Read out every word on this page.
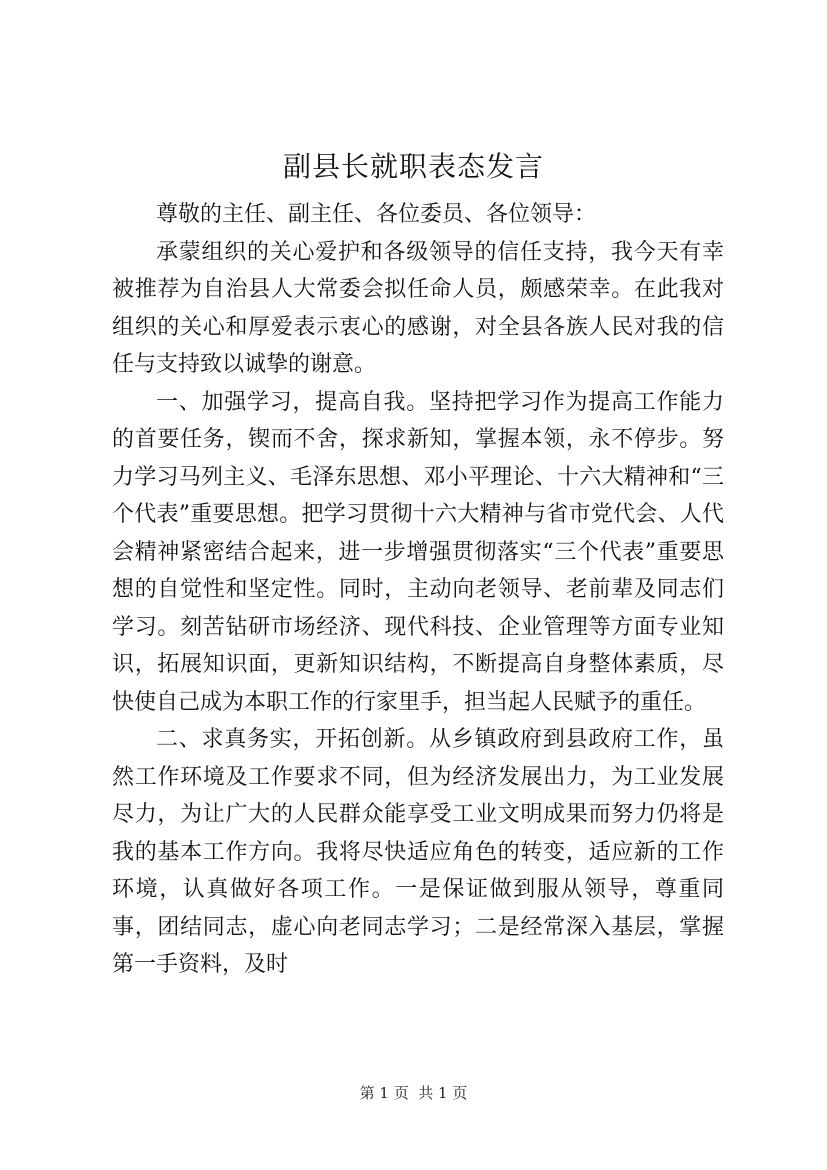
副县长就职表态发言

尊敬的主任、副主任、各位委员、各位领导：

承蒙组织的关心爱护和各级领导的信任支持，我今天有幸被推荐为自治县人大常委会拟任命人员，颇感荣幸。在此我对组织的关心和厚爱表示衷心的感谢，对全县各族人民对我的信任与支持致以诚挚的谢意。

一、加强学习，提高自我。坚持把学习作为提高工作能力的首要任务，锲而不舍，探求新知，掌握本领，永不停步。努力学习马列主义、毛泽东思想、邓小平理论、十六大精神和“三个代表”重要思想。把学习贯彻十六大精神与省市党代会、人代会精神紧密结合起来，进一步增强贯彻落实“三个代表”重要思想的自觉性和坚定性。同时，主动向老领导、老前辈及同志们学习。刻苦钻研市场经济、现代科技、企业管理等方面专业知识，拓展知识面，更新知识结构，不断提高自身整体素质，尽快使自己成为本职工作的行家里手，担当起人民赋予的重任。

二、求真务实，开拓创新。从乡镇政府到县政府工作，虽然工作环境及工作要求不同，但为经济发展出力，为工业发展尽力，为让广大的人民群众能享受工业文明成果而努力仍将是我的基本工作方向。我将尽快适应角色的转变，适应新的工作环境，认真做好各项工作。一是保证做到服从领导，尊重同事，团结同志，虚心向老同志学习；二是经常深入基层，掌握第一手资料，及时

第 1 页  共 1 页
